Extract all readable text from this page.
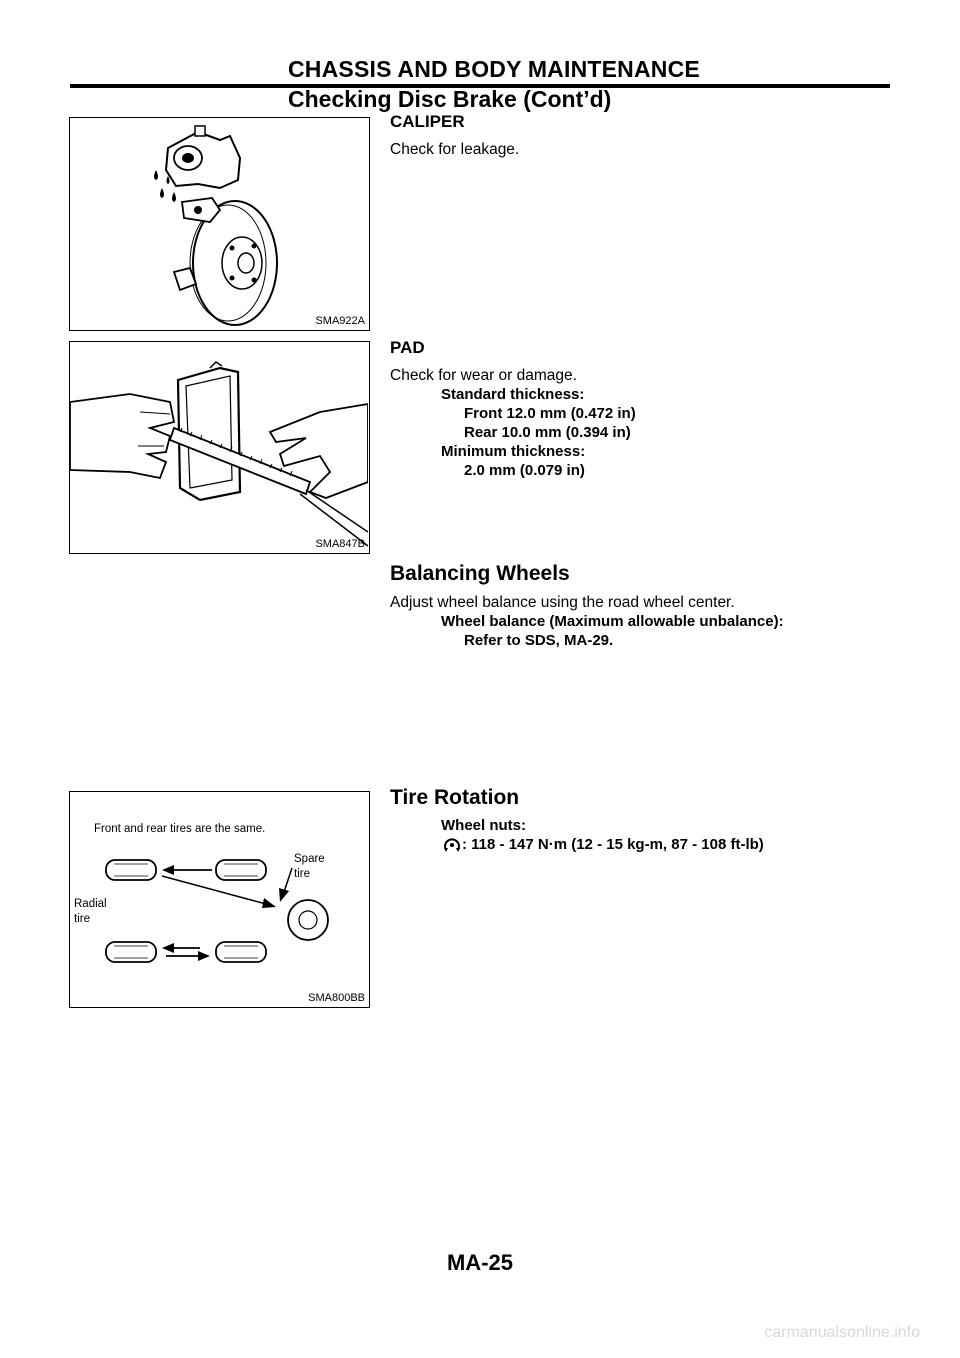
CHASSIS AND BODY MAINTENANCE
Checking Disc Brake (Cont’d)
SMA922A
SMA847B
Front and rear tires are the same.
Spare
tire
Radial
tire
SMA800BB
CALIPER
Check for leakage.
PAD
Check for wear or damage.
Standard thickness:
Front 12.0 mm (0.472 in)
Rear 10.0 mm (0.394 in)
Minimum thickness:
2.0 mm (0.079 in)
Balancing Wheels
Adjust wheel balance using the road wheel center.
Wheel balance (Maximum allowable unbalance):
Refer to SDS, MA-29.
Tire Rotation
Wheel nuts:
: 118 - 147 N·m (12 - 15 kg-m, 87 - 108 ft-lb)
MA-25
carmanualsonline.info
